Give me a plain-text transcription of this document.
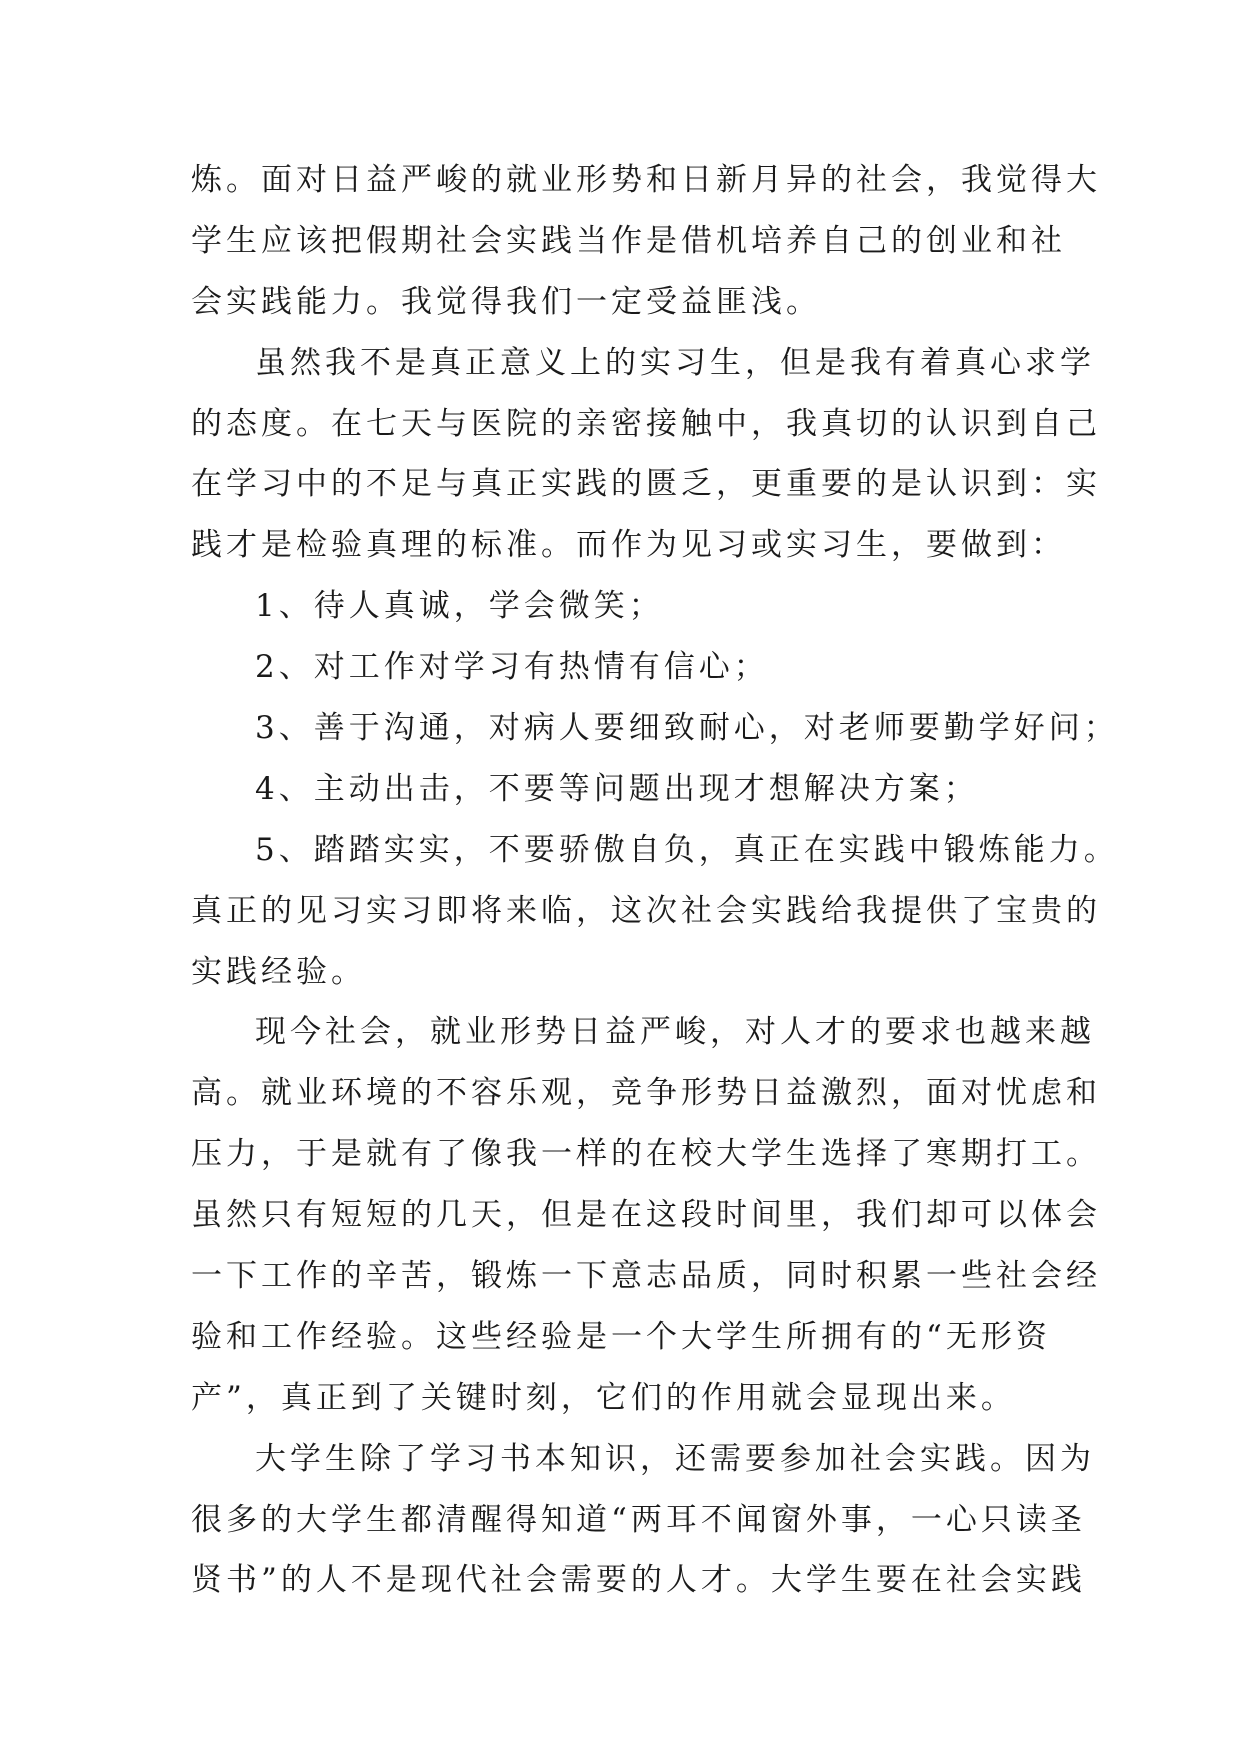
炼。面对日益严峻的就业形势和日新月异的社会，我觉得大
学生应该把假期社会实践当作是借机培养自己的创业和社
会实践能力。我觉得我们一定受益匪浅。
虽然我不是真正意义上的实习生，但是我有着真心求学
的态度。在七天与医院的亲密接触中，我真切的认识到自己
在学习中的不足与真正实践的匮乏，更重要的是认识到：实
践才是检验真理的标准。而作为见习或实习生，要做到：
1、待人真诚，学会微笑；
2、对工作对学习有热情有信心；
3、善于沟通，对病人要细致耐心，对老师要勤学好问；
4、主动出击，不要等问题出现才想解决方案；
5、踏踏实实，不要骄傲自负，真正在实践中锻炼能力。
真正的见习实习即将来临，这次社会实践给我提供了宝贵的
实践经验。
现今社会，就业形势日益严峻，对人才的要求也越来越
高。就业环境的不容乐观，竞争形势日益激烈，面对忧虑和
压力，于是就有了像我一样的在校大学生选择了寒期打工。
虽然只有短短的几天，但是在这段时间里，我们却可以体会
一下工作的辛苦，锻炼一下意志品质，同时积累一些社会经
验和工作经验。这些经验是一个大学生所拥有的“无形资
产”，真正到了关键时刻，它们的作用就会显现出来。
大学生除了学习书本知识，还需要参加社会实践。因为
很多的大学生都清醒得知道“两耳不闻窗外事，一心只读圣
贤书”的人不是现代社会需要的人才。大学生要在社会实践
